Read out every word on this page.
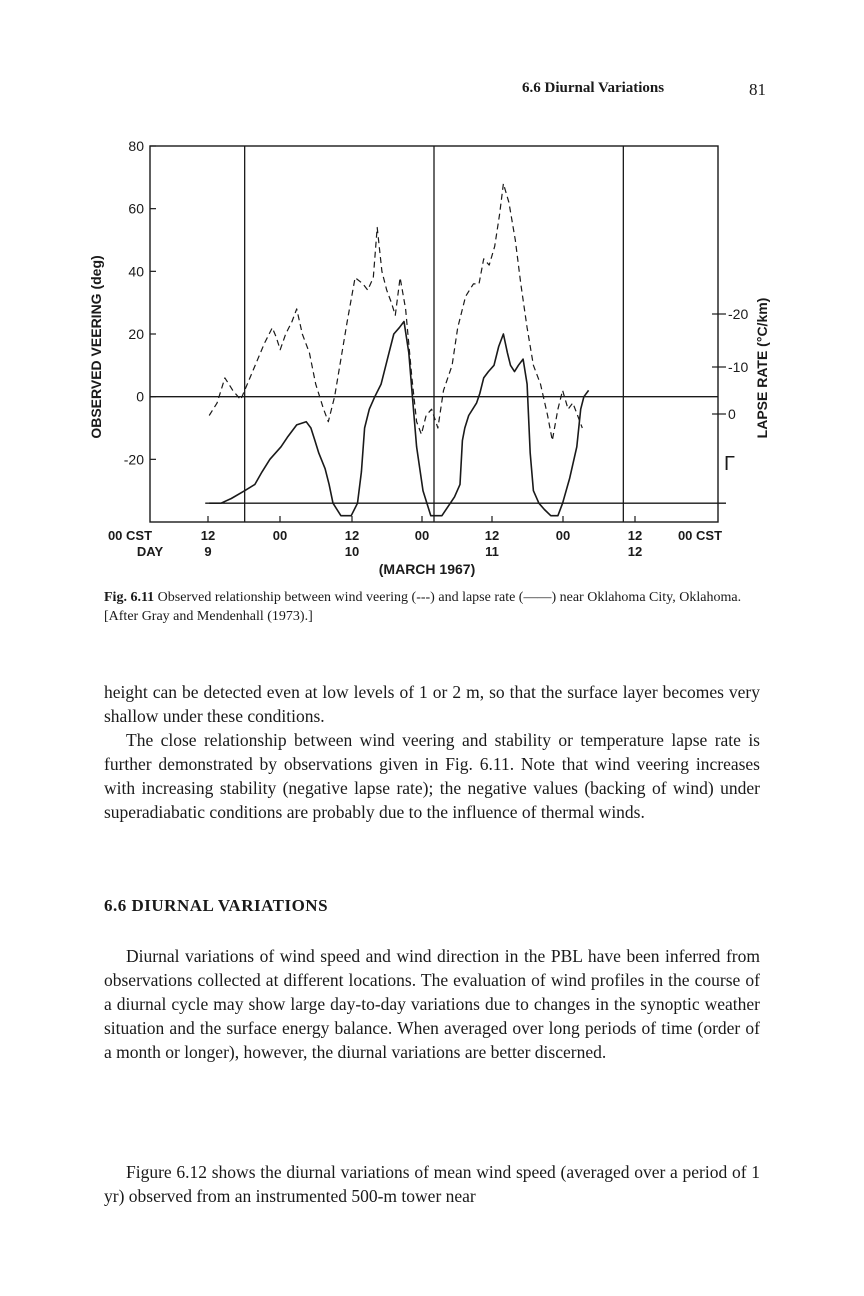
6.6 Diurnal Variations	81
80
60
40
20
0
-20
-20
-10
0
00 CST	12	00	12	00	12	00	12	00 CST
9	10	11	12
OBSERVED VEERING (deg)	LAPSE RATE (°C/km)
Γ
DAY
(MARCH 1967)
Fig. 6.11 Observed relationship between wind veering (---) and lapse rate (——) near Oklahoma City, Oklahoma. [After Gray and Mendenhall (1973).]

height can be detected even at low levels of 1 or 2 m, so that the surface layer becomes very shallow under these conditions.

The close relationship between wind veering and stability or temperature lapse rate is further demonstrated by observations given in Fig. 6.11. Note that wind veering increases with increasing stability (negative lapse rate); the negative values (backing of wind) under superadiabatic conditions are probably due to the influence of thermal winds.

6.6 DIURNAL VARIATIONS

Diurnal variations of wind speed and wind direction in the PBL have been inferred from observations collected at different locations. The evaluation of wind profiles in the course of a diurnal cycle may show large day-to-day variations due to changes in the synoptic weather situation and the surface energy balance. When averaged over long periods of time (order of a month or longer), however, the diurnal variations are better discerned.

Figure 6.12 shows the diurnal variations of mean wind speed (averaged over a period of 1 yr) observed from an instrumented 500-m tower near
